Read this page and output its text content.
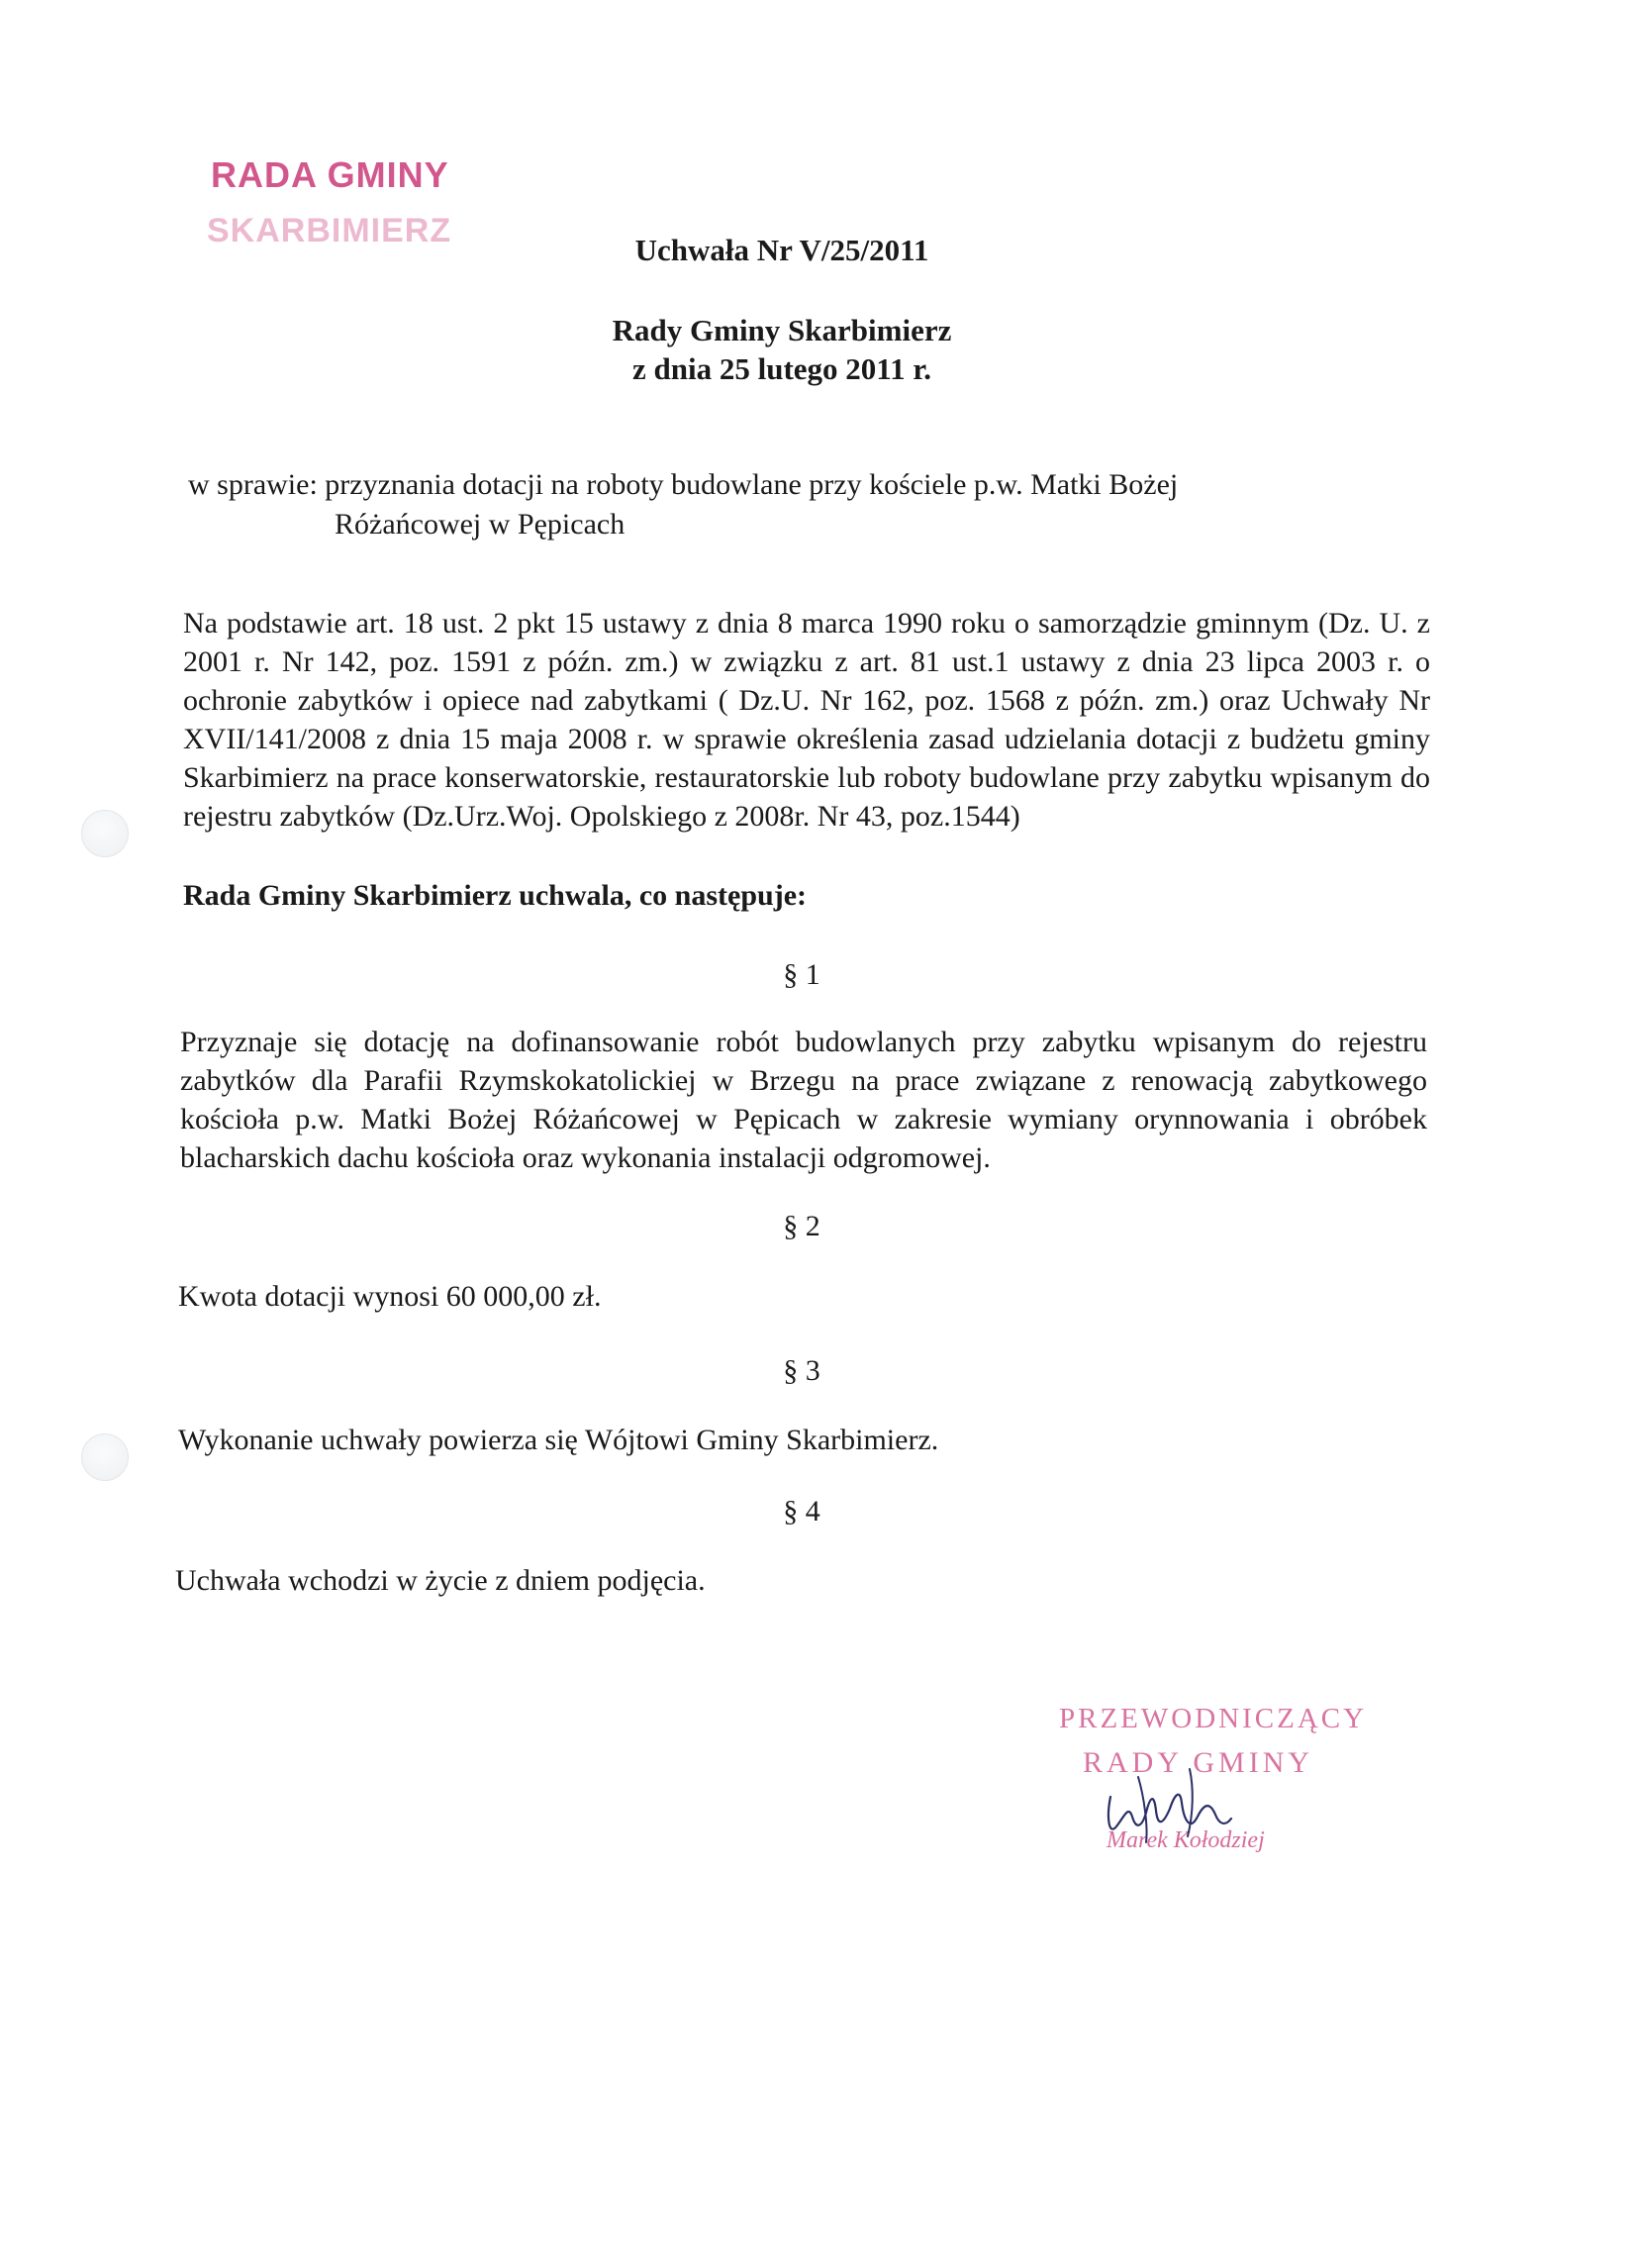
RADA GMINY
SKARBIMIERZ
Uchwała Nr V/25/2011
Rady Gminy Skarbimierz
z dnia 25 lutego 2011 r.
w sprawie: przyznania dotacji na roboty budowlane przy kościele p.w. Matki Bożej
Różańcowej w Pępicach
Na podstawie art. 18 ust. 2 pkt 15 ustawy z dnia 8 marca 1990 roku o samorządzie gminnym (Dz. U. z 2001 r. Nr 142, poz. 1591 z późn. zm.) w związku z art. 81 ust.1 ustawy z dnia 23 lipca 2003 r. o ochronie zabytków i opiece nad zabytkami ( Dz.U. Nr 162, poz. 1568 z późn. zm.) oraz Uchwały Nr XVII/141/2008 z dnia 15 maja 2008 r. w sprawie określenia zasad udzielania dotacji z budżetu gminy Skarbimierz na prace konserwatorskie, restauratorskie lub roboty budowlane przy zabytku wpisanym do rejestru zabytków (Dz.Urz.Woj. Opolskiego z 2008r. Nr 43, poz.1544)
Rada Gminy Skarbimierz uchwala, co następuje:
§ 1
Przyznaje się dotację na dofinansowanie robót budowlanych przy zabytku wpisanym do rejestru zabytków dla Parafii Rzymskokatolickiej w Brzegu na prace związane z renowacją zabytkowego kościoła p.w. Matki Bożej Różańcowej w Pępicach w zakresie wymiany orynnowania i obróbek blacharskich dachu kościoła oraz wykonania instalacji odgromowej.
§ 2
Kwota dotacji wynosi 60 000,00 zł.
§ 3
Wykonanie uchwały powierza się Wójtowi Gminy Skarbimierz.
§ 4
Uchwała wchodzi w życie z dniem podjęcia.
PRZEWODNICZĄCY
RADY GMINY
Marek Kołodziej
